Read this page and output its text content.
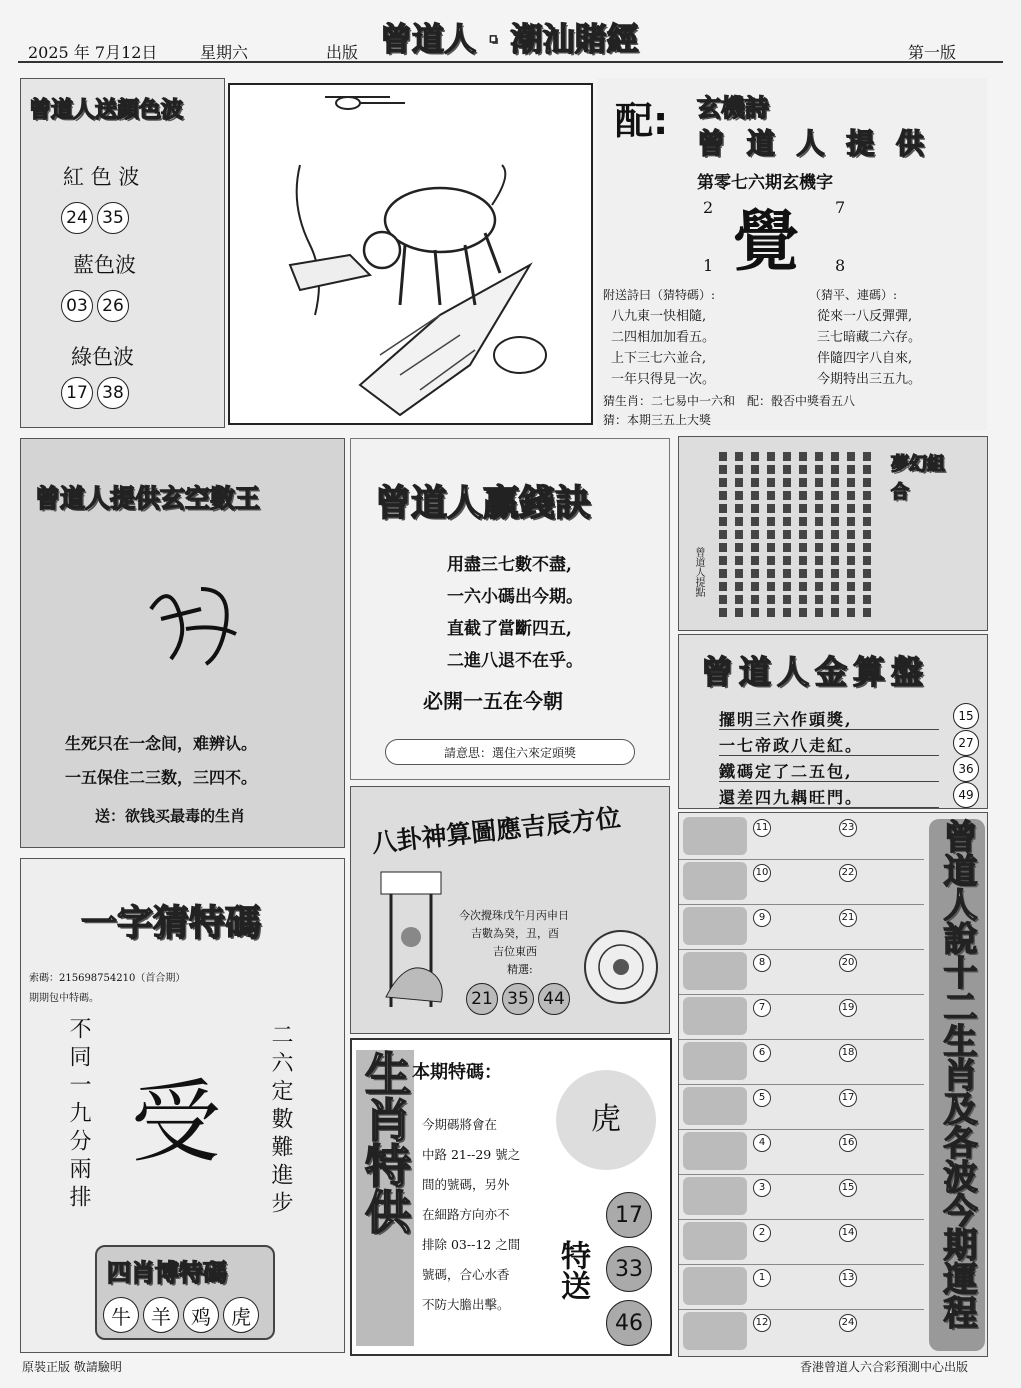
2025 年 7月12日	星期六	出版 曾道人 · 潮汕賭經	第一版
曾道人送顏色波
紅 色 波
24 35
藍色波
03 26
綠色波
17 38
配: 玄機詩
曾 道 人 提 供
第零七六期玄機字
2	7
覺
1	8
附送詩曰（猜特碼）:	（猜平、連碼）:
八九東一快相隨,
二四相加加看五。
上下三七六並合,
一年只得見一次。
從來一八反彈彈,
三七暗藏二六存。
伴隨四字八自來,
今期特出三五九。
猜生肖：二七易中一六和　配：骰否中獎看五八
猜：本期三五上大獎
曾道人提供玄空數王
生死只在一念间，难辨认。
一五保住二三数，三四不。
送：欲钱买最毒的生肖
曾道人贏錢訣
用盡三七數不盡,
一六小碼出今期。
直截了當斷四五,
二進八退不在乎。
必開一五在今朝
請意思：選住六來定頭獎
夢幻組合
曾道人提點
曾道人金算盤
擺明三六作頭獎,	15
一七帝政八走紅。	27
鐵碼定了二五包,	36
還差四九耦旺門。	49
八卦神算圖應吉辰方位
今次攪珠戊午月丙申日
吉數為癸，丑，酉
吉位東西
精選:
21 35 44
一字猜特碼
索碼：215698754210（首合期）
期期包中特碼。
不同一九分兩排 受 二六定數難進步
四肖博特碼
牛 羊 鸡 虎
生肖特供 本期特碼：
今期碼將會在
中路 21--29 號之
間的號碼，另外
在細路方向亦不
排除 03--12 之間
號碼，合心水香
不防大膽出擊。
虎
特送
17 33 46
11	23
10	22
9	21
8	20
7	19
6	18
5	17
4	16
3	15
2	14
1	13
12	24 曾道人說十二生肖及各波今期運程
原裝正版 敬請驗明	香港曾道人六合彩預測中心出版
